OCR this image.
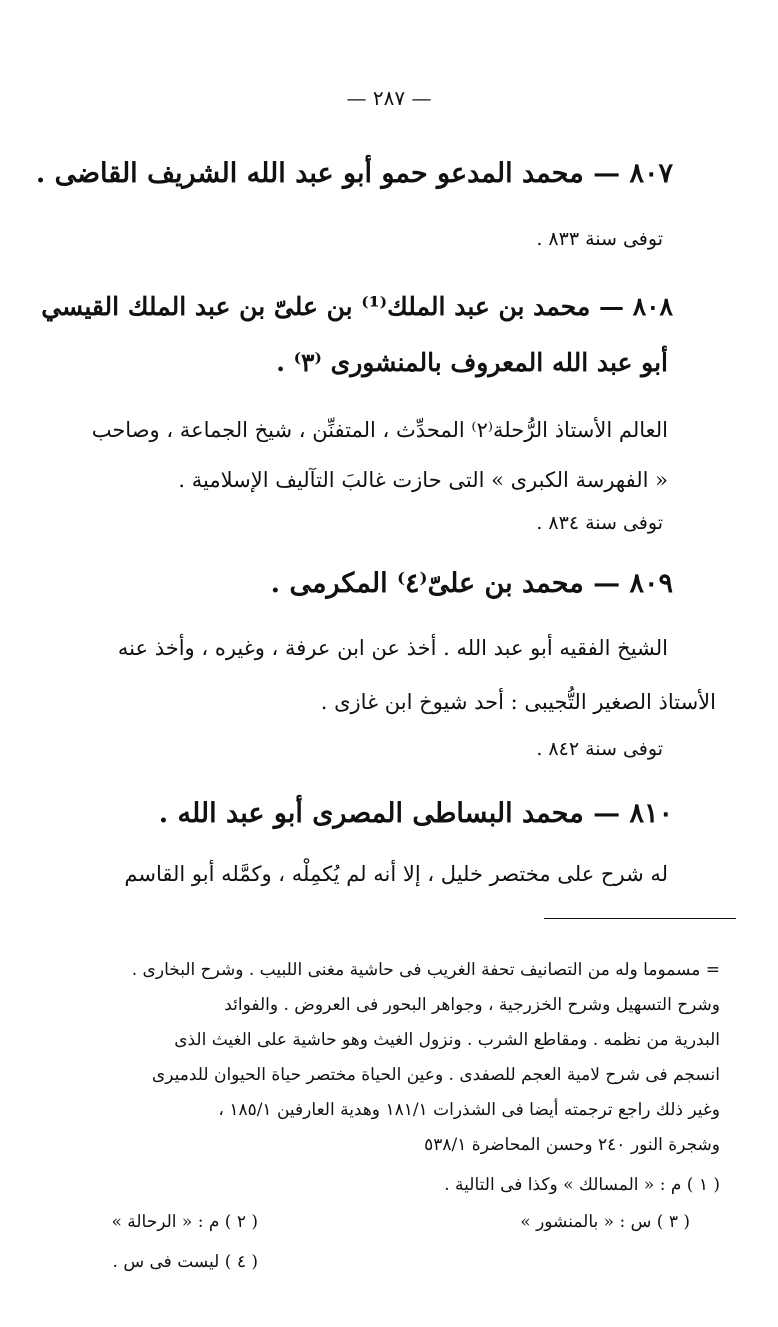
— ٢٨٧ —
٨٠٧ — محمد المدعو حمو أبو عبد الله الشريف القاضى .
توفى سنة ٨٣٣ .
٨٠٨ — محمد بن عبد الملك⁽¹⁾ بن علىّ بن عبد الملك القيسي
أبو عبد الله المعروف بالمنشورى ⁽٣⁾ .
العالم الأستاذ الرُّحلة⁽٢⁾ المحدِّث ، المتفنِّن ، شيخ الجماعة ، وصاحب
« الفهرسة الكبرى » التى حازت غالبَ التآليف الإسلامية .
توفى سنة ٨٣٤ .
٨٠٩ — محمد بن علىّ⁽٤⁾ المكرمى .
الشيخ الفقيه أبو عبد الله . أخذ عن ابن عرفة ، وغيره ، وأخذ عنه
الأستاذ الصغير التُّجيبى : أحد شيوخ ابن غازى .
توفى سنة ٨٤٢ .
٨١٠ — محمد البساطى المصرى أبو عبد الله .
له شرح على مختصر خليل ، إلا أنه لم يُكمِلْه ، وكمَّله أبو القاسم
= مسموما وله من التصانيف تحفة الغريب فى حاشية مغنى اللبيب . وشرح البخارى .
وشرح التسهيل وشرح الخزرجية ، وجواهر البحور فى العروض . والفوائد
البدرية من نظمه . ومقاطع الشرب . ونزول الغيث وهو حاشية على الغيث الذى
انسجم فى شرح لامية العجم للصفدى . وعين الحياة مختصر حياة الحيوان للدميرى
وغير ذلك راجع ترجمته أيضا فى الشذرات ١٨١/١ وهدية العارفين ١٨٥/١ ،
وشجرة النور ٢٤٠ وحسن المحاضرة ٥٣٨/١
( ١ ) م : « المسالك » وكذا فى التالية .
( ٢ ) م : « الرحالة »	( ٣ ) س : « بالمنشور »
( ٤ ) ليست فى س .
